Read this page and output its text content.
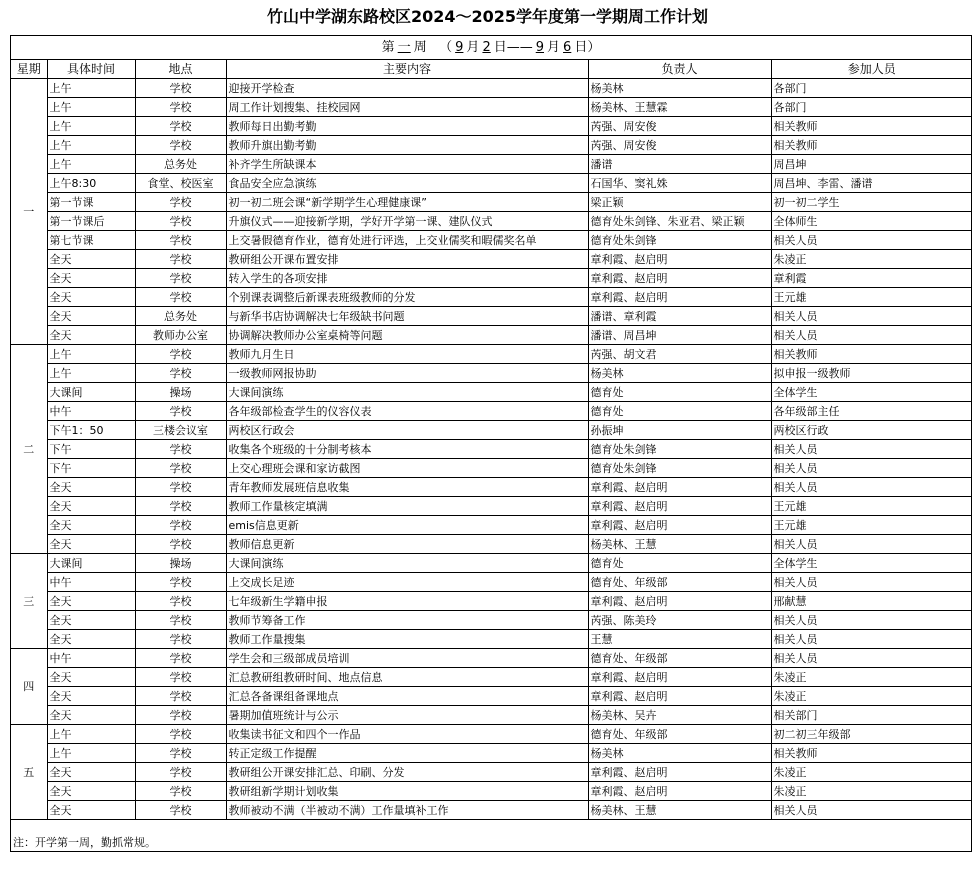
竹山中学湖东路校区2024～2025学年度第一学期周工作计划
第 一 周 （ 9 月 2 日—— 9 月 6 日）
星期	具体时间	地点	主要内容	负责人	参加人员
一	上午	学校	迎接开学检查	杨美林	各部门
	上午	学校	周工作计划搜集、挂校园网	杨美林、王慧霖	各部门
	上午	学校	教师每日出勤考勤	芮强、周安俊	相关教师
	上午	学校	教师升旗出勤考勤	芮强、周安俊	相关教师
	上午	总务处	补齐学生所缺课本	潘谱	周昌坤
	上午8:30	食堂、校医室	食品安全应急演练	石国华、窦礼姝	周昌坤、李雷、潘谱
	第一节课	学校	初一初二班会课“新学期学生心理健康课”	梁正颖	初一初二学生
	第一节课后	学校	升旗仪式——迎接新学期，学好开学第一课、建队仪式	德育处朱剑锋、朱亚君、梁正颖	全体师生
	第七节课	学校	上交暑假德育作业，德育处进行评选，上交业儒奖和暇儒奖名单	德育处朱剑锋	相关人员
	全天	学校	教研组公开课布置安排	章利霞、赵启明	朱凌正
	全天	学校	转入学生的各项安排	章利霞、赵启明	章利霞
	全天	学校	个别课表调整后新课表班级教师的分发	章利霞、赵启明	王元雄
	全天	总务处	与新华书店协调解决七年级缺书问题	潘谱、章利霞	相关人员
	全天	教师办公室	协调解决教师办公室桌椅等问题	潘谱、周昌坤	相关人员
二	上午	学校	教师九月生日	芮强、胡文君	相关教师
	上午	学校	一级教师网报协助	杨美林	拟申报一级教师
	大课间	操场	大课间演练	德育处	全体学生
	中午	学校	各年级部检查学生的仪容仪表	德育处	各年级部主任
	下午1：50	三楼会议室	两校区行政会	孙振坤	两校区行政
	下午	学校	收集各个班级的十分制考核本	德育处朱剑锋	相关人员
	下午	学校	上交心理班会课和家访截图	德育处朱剑锋	相关人员
	全天	学校	青年教师发展班信息收集	章利霞、赵启明	相关人员
	全天	学校	教师工作量核定填满	章利霞、赵启明	王元雄
	全天	学校	emis信息更新	章利霞、赵启明	王元雄
	全天	学校	教师信息更新	杨美林、王慧	相关人员
三	大课间	操场	大课间演练	德育处	全体学生
	中午	学校	上交成长足迹	德育处、年级部	相关人员
	全天	学校	七年级新生学籍申报	章利霞、赵启明	邢献慧
	全天	学校	教师节筹备工作	芮强、陈美玲	相关人员
	全天	学校	教师工作量搜集	王慧	相关人员
四	中午	学校	学生会和三级部成员培训	德育处、年级部	相关人员
	全天	学校	汇总教研组教研时间、地点信息	章利霞、赵启明	朱凌正
	全天	学校	汇总各备课组备课地点	章利霞、赵启明	朱凌正
	全天	学校	暑期加值班统计与公示	杨美林、吴卉	相关部门
五	上午	学校	收集读书征文和四个一作品	德育处、年级部	初二初三年级部
	上午	学校	转正定级工作提醒	杨美林	相关教师
	全天	学校	教研组公开课安排汇总、印刷、分发	章利霞、赵启明	朱凌正
	全天	学校	教研组新学期计划收集	章利霞、赵启明	朱凌正
	全天	学校	教师被动不满（半被动不满）工作量填补工作	杨美林、王慧	相关人员
注：开学第一周，勤抓常规。
